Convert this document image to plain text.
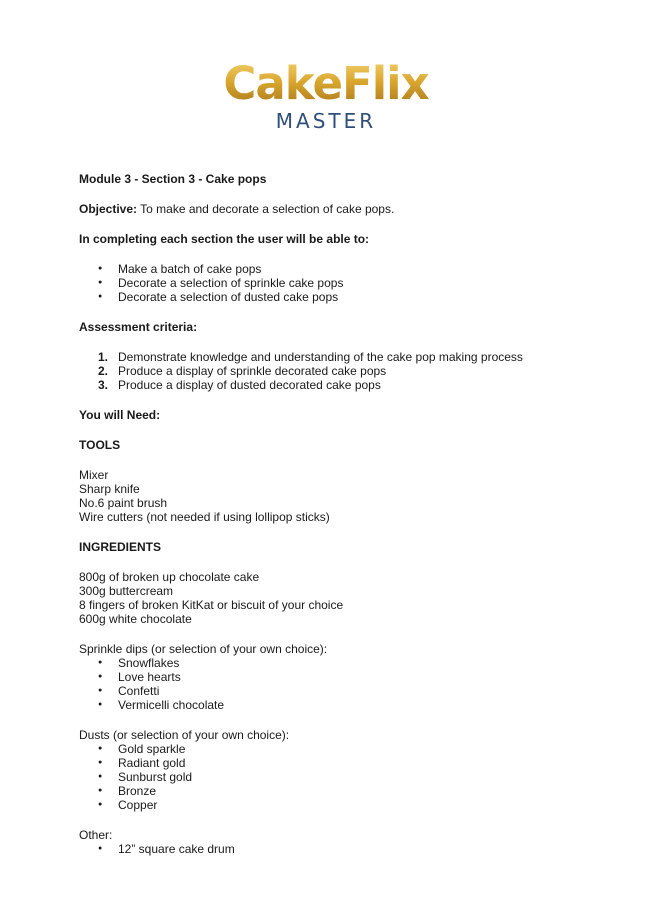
CakeFlix
MASTER

Module 3 - Section 3 - Cake pops

Objective: To make and decorate a selection of cake pops.

In completing each section the user will be able to:

● Make a batch of cake pops
● Decorate a selection of sprinkle cake pops
● Decorate a selection of dusted cake pops

Assessment criteria:

1. Demonstrate knowledge and understanding of the cake pop making process
2. Produce a display of sprinkle decorated cake pops
3. Produce a display of dusted decorated cake pops

You will Need:

TOOLS

Mixer

Sharp knife

No.6 paint brush

Wire cutters (not needed if using lollipop sticks)

INGREDIENTS

800g of broken up chocolate cake

300g buttercream

8 fingers of broken KitKat or biscuit of your choice

600g white chocolate

Sprinkle dips (or selection of your own choice):

● Snowflakes
● Love hearts
● Confetti
● Vermicelli chocolate

Dusts (or selection of your own choice):

● Gold sparkle
● Radiant gold
● Sunburst gold
● Bronze
● Copper

Other:

● 12” square cake drum
